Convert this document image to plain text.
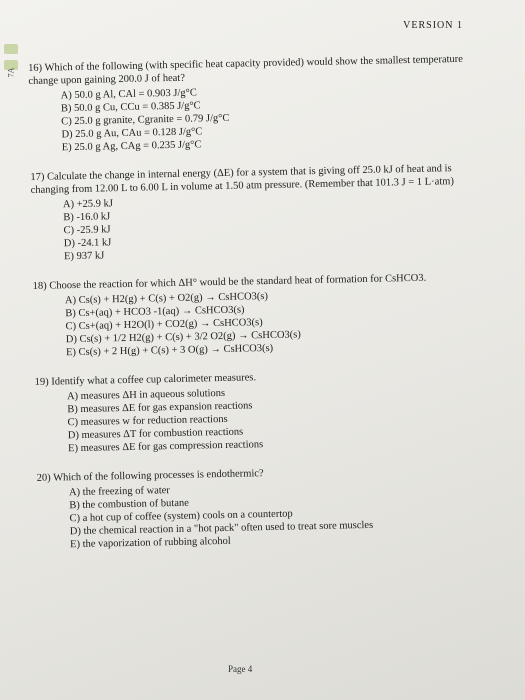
7A
VERSION 1

16) Which of the following (with specific heat capacity provided) would show the smallest temperature change upon gaining 200.0 J of heat?

A) 50.0 g Al, CAl = 0.903 J/g°C
B) 50.0 g Cu, CCu = 0.385 J/g°C
C) 25.0 g granite, Cgranite = 0.79 J/g°C
D) 25.0 g Au, CAu = 0.128 J/g°C
E) 25.0 g Ag, CAg = 0.235 J/g°C

17) Calculate the change in internal energy (ΔE) for a system that is giving off 25.0 kJ of heat and is changing from 12.00 L to 6.00 L in volume at 1.50 atm pressure. (Remember that 101.3 J = 1 L·atm)

A) +25.9 kJ
B) -16.0 kJ
C) -25.9 kJ
D) -24.1 kJ
E) 937 kJ

18) Choose the reaction for which ΔH° would be the standard heat of formation for CsHCO3.

A) Cs(s) + H2(g) + C(s) + O2(g) → CsHCO3(s)
B) Cs+(aq) + HCO3 -1(aq) → CsHCO3(s)
C) Cs+(aq) + H2O(l) + CO2(g) → CsHCO3(s)
D) Cs(s) + 1/2 H2(g) + C(s) + 3/2 O2(g) → CsHCO3(s)
E) Cs(s) + 2 H(g) + C(s) + 3 O(g) → CsHCO3(s)

19) Identify what a coffee cup calorimeter measures.

A) measures ΔH in aqueous solutions
B) measures ΔE for gas expansion reactions
C) measures w for reduction reactions
D) measures ΔT for combustion reactions
E) measures ΔE for gas compression reactions

20) Which of the following processes is endothermic?

A) the freezing of water
B) the combustion of butane
C) a hot cup of coffee (system) cools on a countertop
D) the chemical reaction in a "hot pack" often used to treat sore muscles
E) the vaporization of rubbing alcohol
Page 4
